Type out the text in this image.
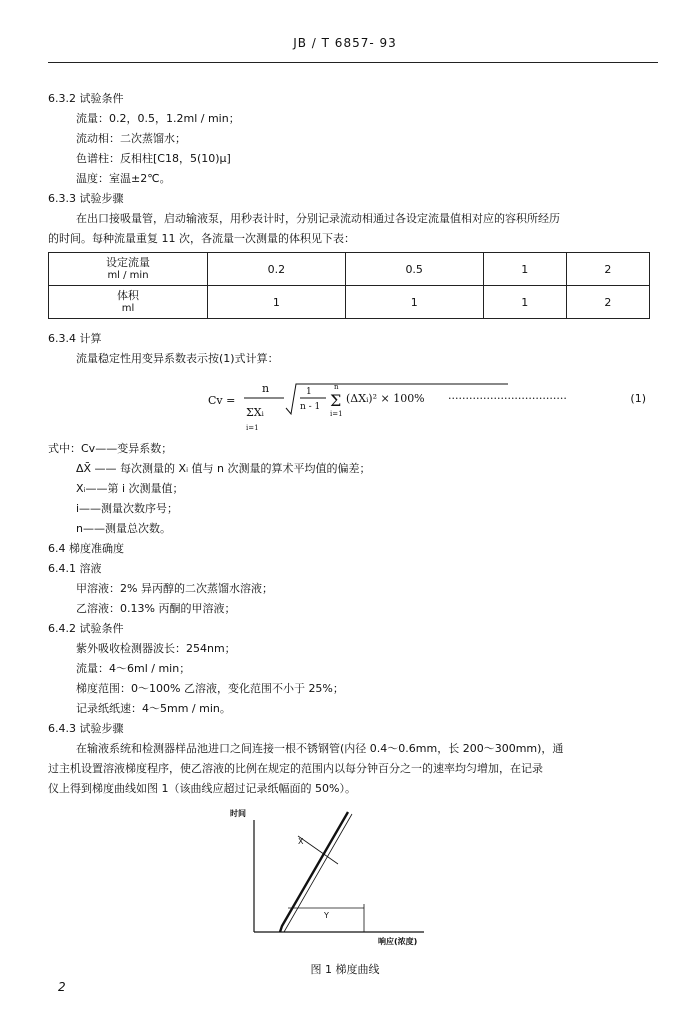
JB / T 6857- 93
6.3.2 试验条件
流量：0.2，0.5，1.2ml / min；
流动相：二次蒸馏水；
色谱柱：反相柱[C18，5(10)μ]
温度：室温±2℃。
6.3.3 试验步骤
在出口接吸量管，启动输液泵，用秒表计时，分别记录流动相通过各设定流量值相对应的容积所经历
的时间。每种流量重复 11 次，各流量一次测量的体积见下表：
设定流量
ml / min	0.2	0.5	1	2
体积
ml	1	1	1	2
6.3.4 计算
流量稳定性用变异系数表示按(1)式计算：
Cv =
n
ΣXᵢ
i=1
1
n - 1
n
Σ
i=1
(ΔXᵢ)² × 100% ··································	(1)
式中：Cv——变异系数；
ΔX̄ —— 每次测量的 Xᵢ 值与 n 次测量的算术平均值的偏差；
Xᵢ——第 i 次测量值；
i——测量次数序号；
n——测量总次数。
6.4 梯度准确度
6.4.1 溶液
甲溶液：2% 异丙醇的二次蒸馏水溶液；
乙溶液：0.13% 丙酮的甲溶液；
6.4.2 试验条件
紫外吸收检测器波长：254nm；
流量：4～6ml / min；
梯度范围：0～100% 乙溶液，变化范围不小于 25%；
记录纸纸速：4～5mm / min。
6.4.3 试验步骤
在输液系统和检测器样品池进口之间连接一根不锈钢管(内径 0.4～0.6mm，长 200～300mm)，通
过主机设置溶液梯度程序，使乙溶液的比例在规定的范围内以每分钟百分之一的速率均匀增加，在记录
仪上得到梯度曲线如图 1（该曲线应超过记录纸幅面的 50%）。
时间
X
Y
响应(浓度)
图 1 梯度曲线
2
